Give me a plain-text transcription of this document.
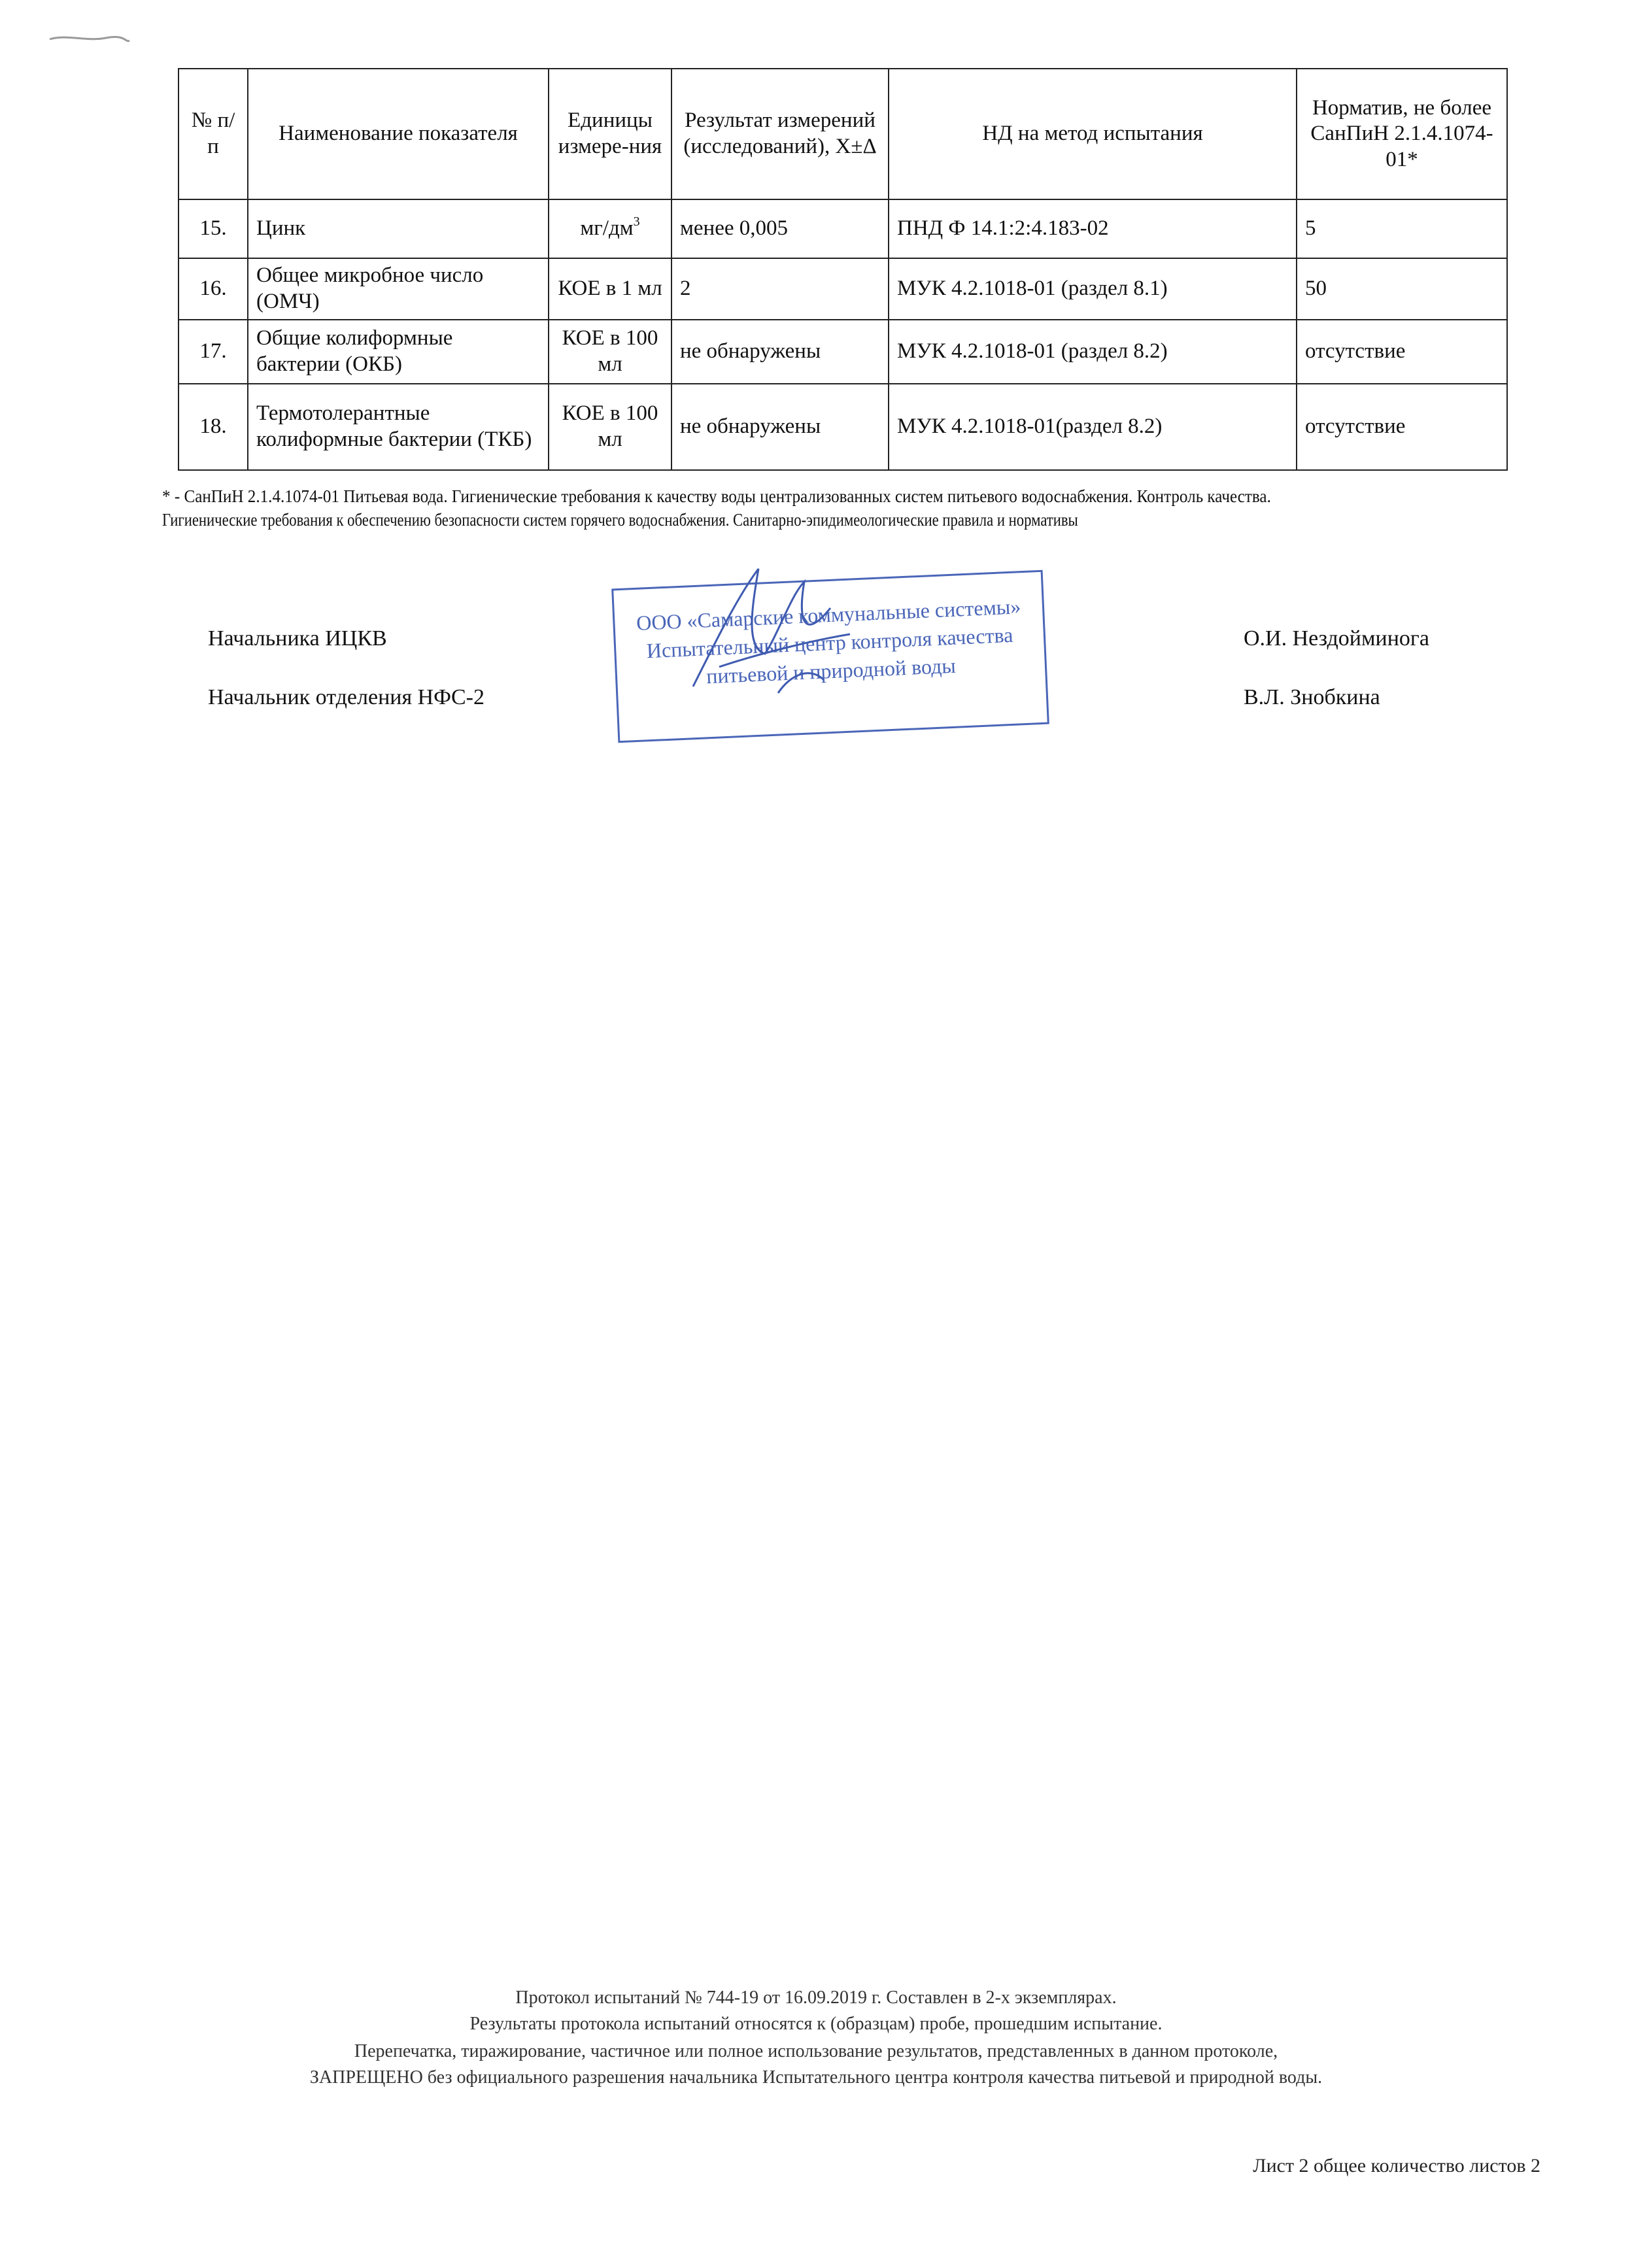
№ п/п	Наименование показателя	Единицы измере-ния	Результат измерений (исследований), X±Δ	НД на метод испытания	Норматив, не более СанПиН 2.1.4.1074-01*
15.	Цинк	$мг/дм^3$	менее 0,005	ПНД Ф 14.1:2:4.183-02	5
16.	Общее микробное число (ОМЧ)	КОЕ в 1 мл	2	МУК 4.2.1018-01 (раздел 8.1)	50
17.	Общие колиформные бактерии (ОКБ)	КОЕ в 100 мл	не обнаружены	МУК 4.2.1018-01 (раздел 8.2)	отсутствие
18.	Термотолерантные колиформные бактерии (ТКБ)	КОЕ в 100 мл	не обнаружены	МУК 4.2.1018-01(раздел 8.2)	отсутствие
* - СанПиН 2.1.4.1074-01 Питьевая вода. Гигиенические требования к качеству воды централизованных систем питьевого водоснабжения. Контроль качества.
Гигиенические требования к обеспечению безопасности систем горячего водоснабжения. Санитарно-эпидимеологические правила и нормативы
Начальника ИЦКВ
Начальник отделения НФС-2
О.И. Нездойминога
В.Л. Знобкина
ООО «Самарские коммунальные системы»
Испытательный центр контроля качества
питьевой и природной воды
Протокол испытаний № 744-19 от 16.09.2019 г. Составлен в 2-х экземплярах.
Результаты протокола испытаний относятся к (образцам) пробе, прошедшим испытание.
Перепечатка, тиражирование, частичное или полное использование результатов, представленных в данном протоколе,
ЗАПРЕЩЕНО без официального разрешения начальника Испытательного центра контроля качества питьевой и природной воды.
Лист 2 общее количество листов 2
